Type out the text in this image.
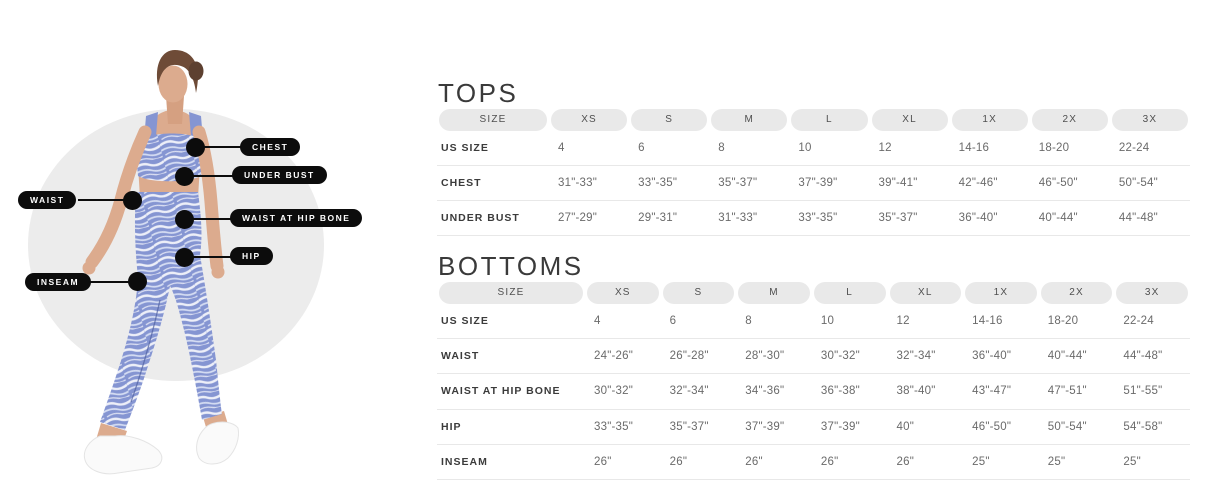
CHEST
UNDER BUST
WAIST
WAIST AT HIP BONE
HIP
INSEAM
TOPS
SIZE	XS	S	M	L	XL	1X	2X	3X
US SIZE	4	6	8	10	12	14-16	18-20	22-24
CHEST	31"-33"	33"-35"	35"-37"	37"-39"	39"-41"	42"-46"	46"-50"	50"-54"
UNDER BUST	27"-29"	29"-31"	31"-33"	33"-35"	35"-37"	36"-40"	40"-44"	44"-48"
BOTTOMS
SIZE	XS	S	M	L	XL	1X	2X	3X
US SIZE	4	6	8	10	12	14-16	18-20	22-24
WAIST	24"-26"	26"-28"	28"-30"	30"-32"	32"-34"	36"-40"	40"-44"	44"-48"
WAIST AT HIP BONE	30"-32"	32"-34"	34"-36"	36"-38"	38"-40"	43"-47"	47"-51"	51"-55"
HIP	33"-35"	35"-37"	37"-39"	37"-39"	40"	46"-50"	50"-54"	54"-58"
INSEAM	26"	26"	26"	26"	26"	25"	25"	25"
